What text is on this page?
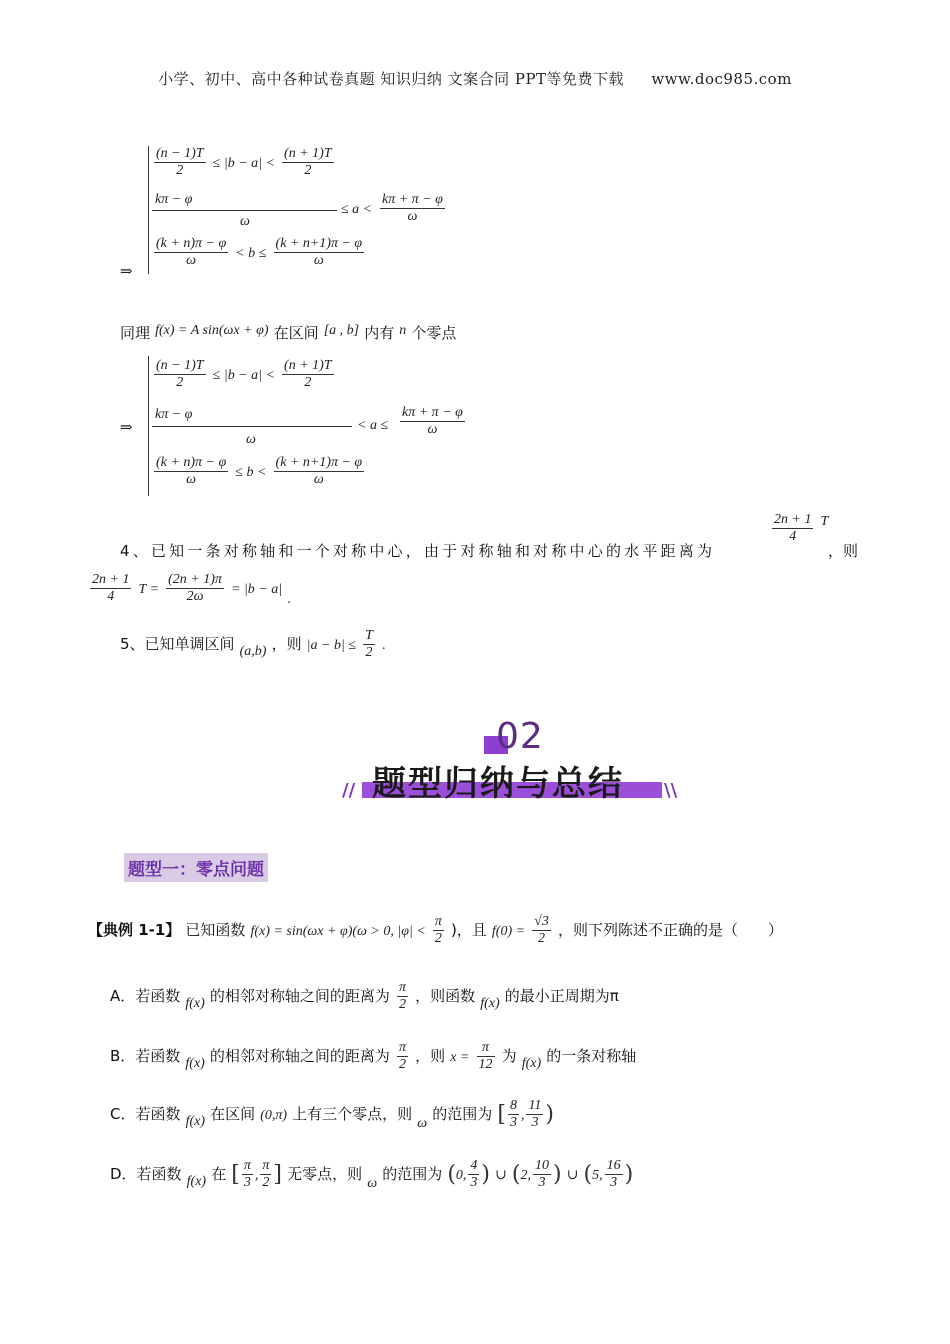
小学、初中、高中各种试卷真题 知识归纳 文案合同 PPT等免费下载 www.doc985.com
⇒
$\frac{(n - 1)T}{2} \le |b - a| < \frac{(n + 1)T}{2}$
kπ − φ
ω
≤ $a < \frac{k\pi + \pi - \varphi}{\omega}$
$\frac{(k + n)\pi - \varphi}{\omega} < b \le \frac{(k + n+1)\pi - \varphi}{\omega}$
同理 f(x) = A sin(ωx + φ) 在区间 [a , b] 内有 n 个零点
⇒
$\frac{(n - 1)T}{2} \le |b - a| < \frac{(n + 1)T}{2}$
kπ − φ
ω
< $a \le \frac{k\pi + \pi - \varphi}{\omega}$
$\frac{(k + n)\pi - \varphi}{\omega} \le b < \frac{(k + n+1)\pi - \varphi}{\omega}$
4、已知一条对称轴和一个对称中心，由于对称轴和对称中心的水平距离为
$\frac{2n + 1}{4}$ T
，则
$\frac{2n + 1}{4}$ $T = \frac{(2n + 1)\pi}{2\omega} = |b - a|$ .
5、已知单调区间 (a,b) ，则 $|a - b| \le \frac{T}{2}$ .
02
// 题型归纳与总结 \\
题型一：零点问题
【典例 1-1】 已知函数 f(x) = sin(ωx + φ)(ω > 0, $|\varphi| < \frac{\pi}{2}$ )，且 $f(0) = \frac{√3}{2}$ ，则下列陈述不正确的是（　　）
A．若函数 f(x) 的相邻对称轴之间的距离为 $\frac{\pi}{2}$ ，则函数 f(x) 的最小正周期为π
B．若函数 f(x) 的相邻对称轴之间的距离为 $\frac{\pi}{2}$ ，则 $x = \frac{\pi}{12}$ 为 f(x) 的一条对称轴
C．若函数 f(x) 在区间 (0,π) 上有三个零点，则 ω 的范围为 [ $\frac{8}{3}$ , $\frac{11}{3}$ )
D．若函数 f(x) 在 [ $\frac{\pi}{3}$ , $\frac{\pi}{2}$ ] 无零点，则 ω 的范围为 (0, $\frac{4}{3}$ ) ∪ (2, $\frac{10}{3}$ ) ∪ (5, $\frac{16}{3}$ )
